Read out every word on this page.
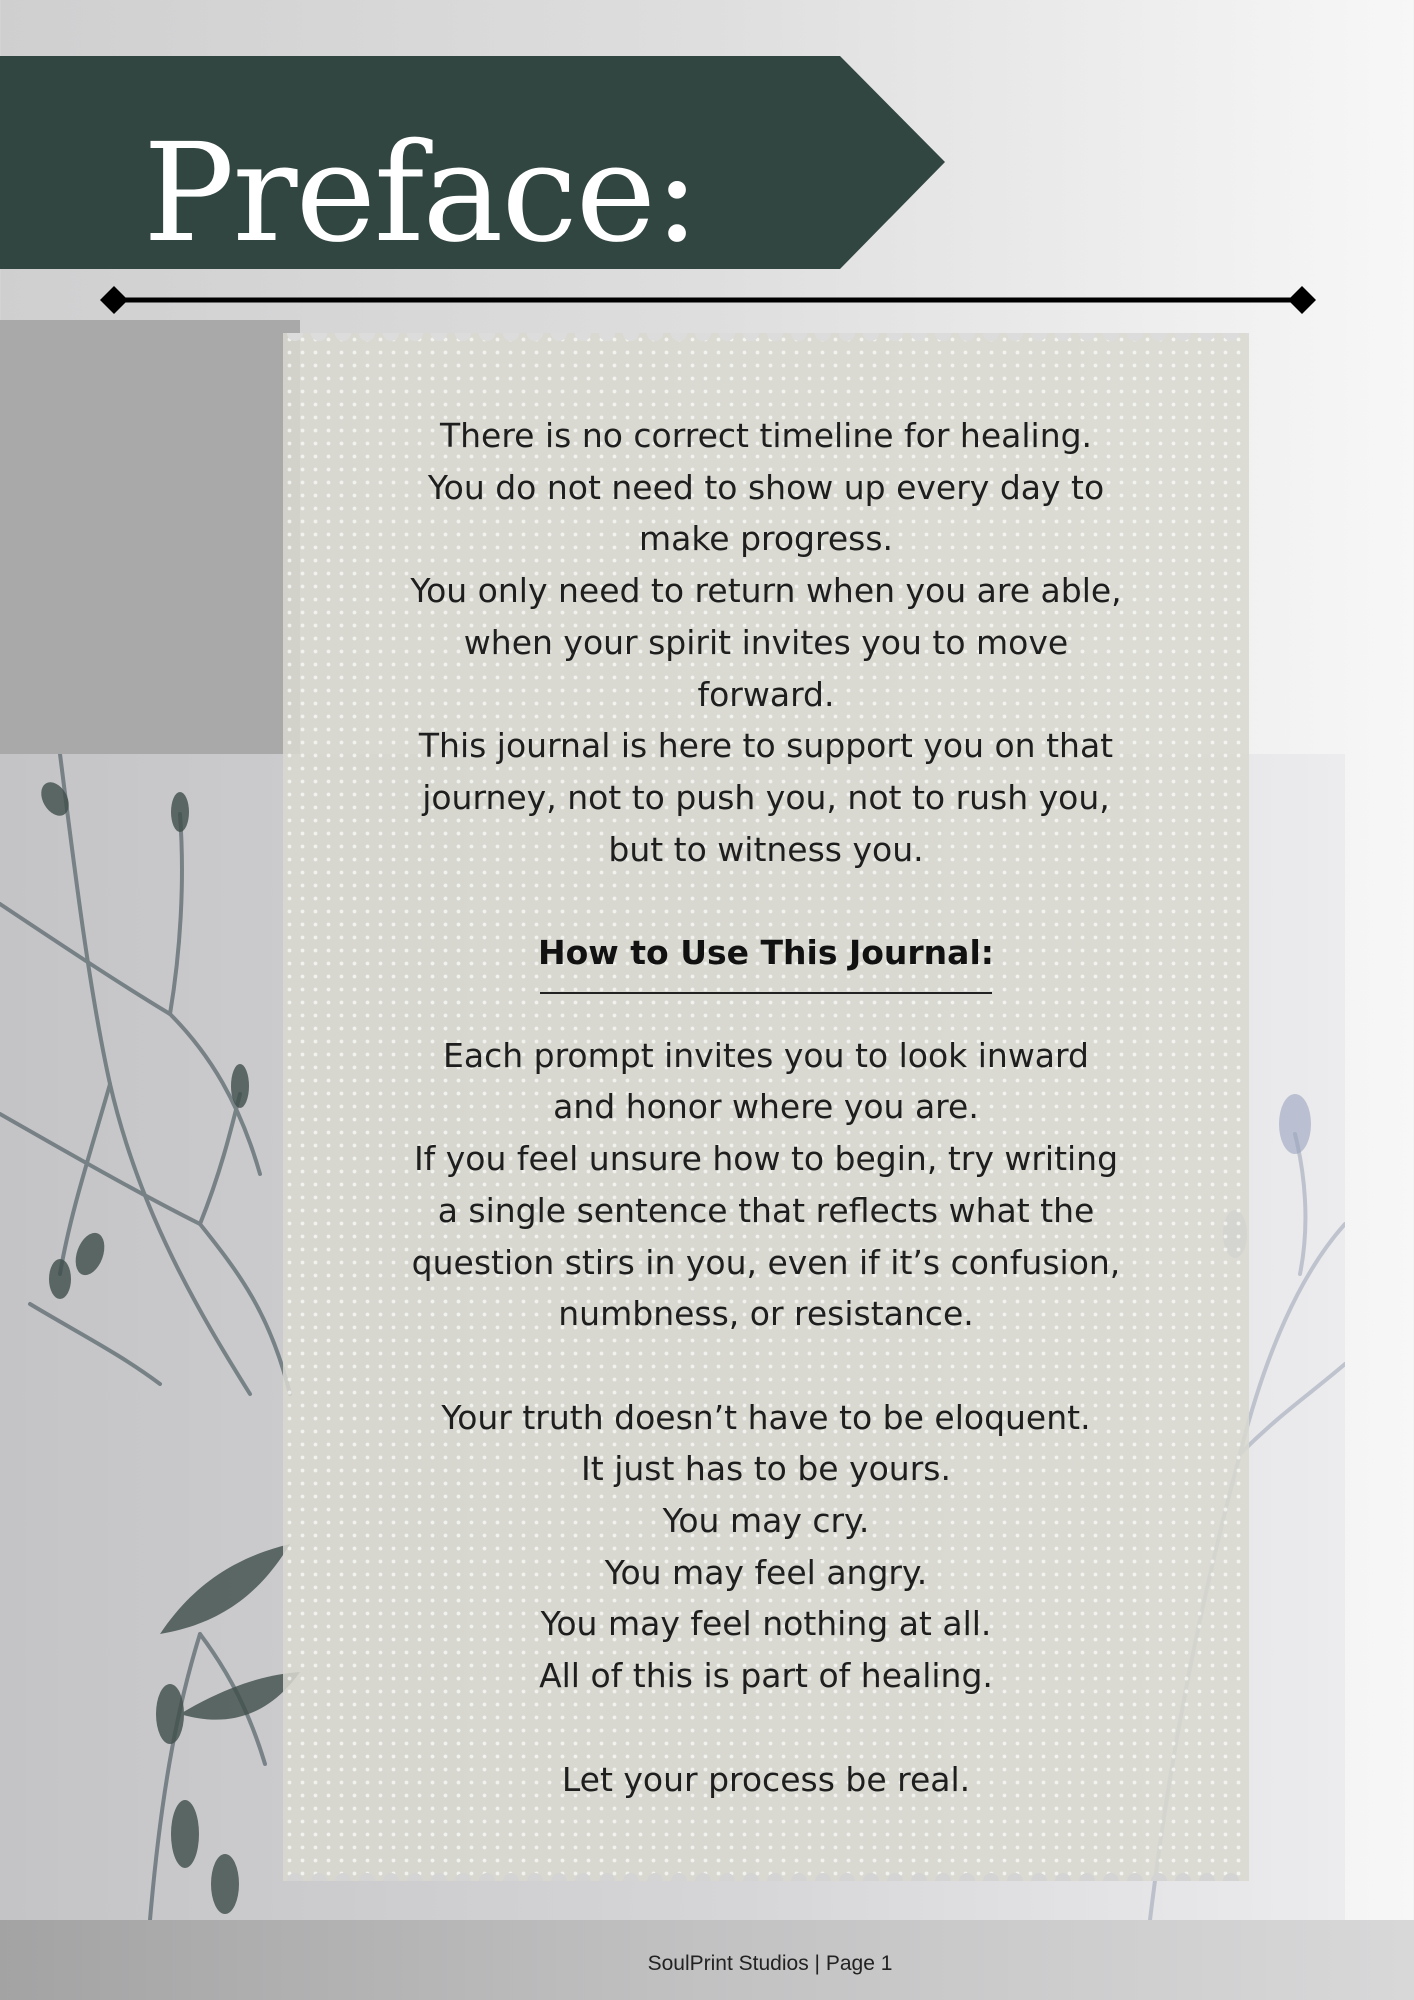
Preface:

There is no correct timeline for healing.

You do not need to show up every day to

make progress.

You only need to return when you are able,

when your spirit invites you to move

forward.

This journal is here to support you on that

journey, not to push you, not to rush you,

but to witness you.

How to Use This Journal:

Each prompt invites you to look inward

and honor where you are.

If you feel unsure how to begin, try writing

a single sentence that reflects what the

question stirs in you, even if it’s confusion,

numbness, or resistance.

Your truth doesn’t have to be eloquent.

It just has to be yours.

You may cry.

You may feel angry.

You may feel nothing at all.

All of this is part of healing.

Let your process be real.

SoulPrint Studios | Page 1
